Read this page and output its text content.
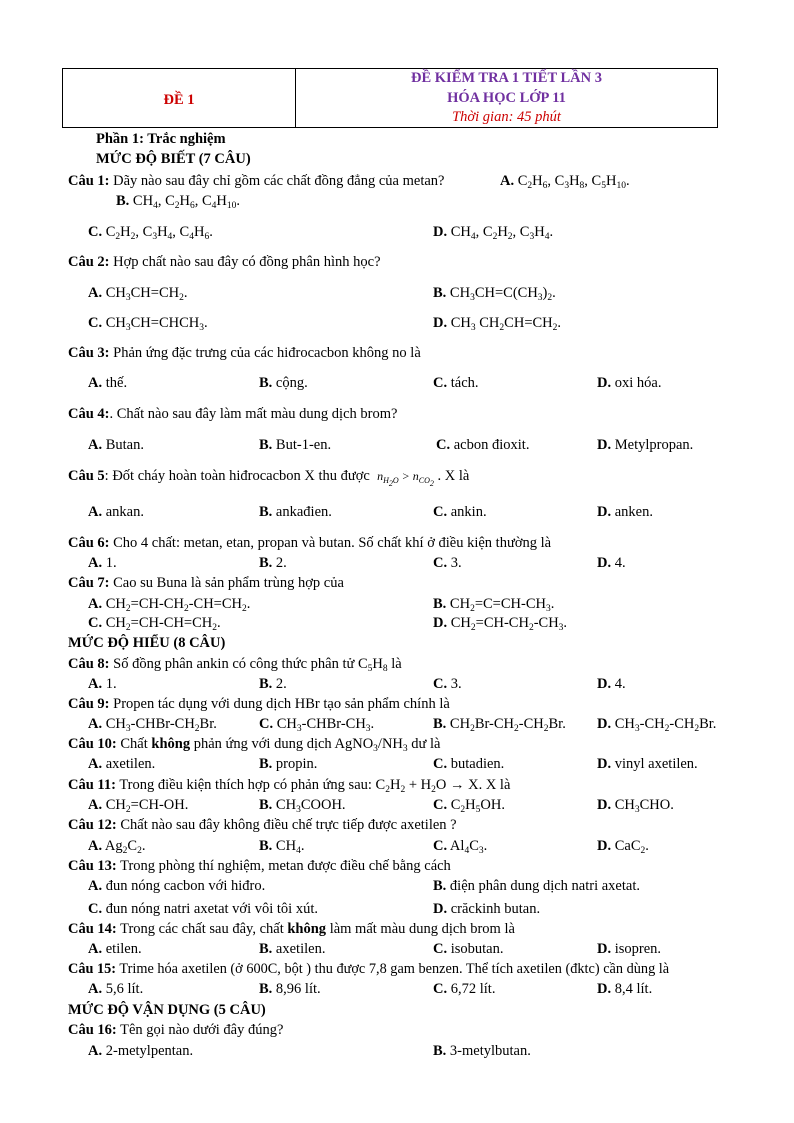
ĐỀ 1
ĐỀ KIỂM TRA 1 TIẾT LẦN 3
HÓA HỌC LỚP 11
Thời gian: 45 phút
Phần 1: Trắc nghiệm
MỨC ĐỘ BIẾT (7 CÂU)
Câu 1: Dãy nào sau đây chỉ gồm các chất đồng đẳng của metan?	A. $C_2H_6$, $C_3H_8$, $C_5H_{10}$.
B. $CH_4$, $C_2H_6$, $C_4H_{10}$.
C. $C_2H_2$, $C_3H_4$, $C_4H_6$.	D. $CH_4$, $C_2H_2$, $C_3H_4$.
Câu 2: Hợp chất nào sau đây có đồng phân hình học?
A. $CH_3CH=CH_2$.	B. $CH_3CH=C(CH_3)_2$.
C. $CH_3CH=CHCH_3$.	D. $CH_3$ $CH_2CH=CH_2$.
Câu 3: Phản ứng đặc trưng của các hiđrocacbon không no là
A. thế.	B. cộng.	C. tách.	D. oxi hóa.
Câu 4:. Chất nào sau đây làm mất màu dung dịch brom?
A. Butan.	B. But-1-en.	C. acbon đioxit.	D. Metylpropan.
Câu 5: Đốt cháy hoàn toàn hiđrocacbon X thu được $n_{H_2O} > n_{CO_2}$ . X là
A. ankan.	B. ankađien.	C. ankin.	D. anken.
Câu 6: Cho 4 chất: metan, etan, propan và butan. Số chất khí ở điều kiện thường là
A. 1.	B. 2.	C. 3.	D. 4.
Câu 7: Cao su Buna là sản phẩm trùng hợp của
A. $CH_2=CH-CH_2-CH=CH_2$.	B. $CH_2=C=CH-CH_3$.
C. $CH_2=CH-CH=CH_2$.	D. $CH_2=CH-CH_2-CH_3$.
MỨC ĐỘ HIỂU (8 CÂU)
Câu 8: Số đồng phân ankin có công thức phân tử $C_5H_8$ là
A. 1.	B. 2.	C. 3.	D. 4.
Câu 9: Propen tác dụng với dung dịch HBr tạo sản phẩm chính là
A. $CH_3-CHBr-CH_2Br$.	C. $CH_3-CHBr-CH_3$.	B. $CH_2Br-CH_2-CH_2Br$. D. $CH_3-CH_2-CH_2Br$.
Câu 10: Chất không phản ứng với dung dịch $AgNO_3/NH_3$ dư là
A. axetilen.	B. propin.	C. butadien.	D. vinyl axetilen.
Câu 11: Trong điều kiện thích hợp có phản ứng sau: $C_2H_2 + H_2O \to X$. X là
A. $CH_2=CH-OH$.	B. $CH_3COOH$.	C. $C_2H_5OH$.	D. $CH_3CHO$.
Câu 12: Chất nào sau đây không điều chế trực tiếp được axetilen ?
A. $Ag_2C_2$.	B. $CH_4$.	C. $Al_4C_3$.	D. CaC$_2$.
Câu 13: Trong phòng thí nghiệm, metan được điều chế bằng cách
A. đun nóng cacbon với hiđro.	B. điện phân dung dịch natri axetat.
C. đun nóng natri axetat với vôi tôi xút.	D. crăckinh butan.
Câu 14: Trong các chất sau đây, chất không làm mất màu dung dịch brom là
A. etilen.	B. axetilen.	C. isobutan.	D. isopren.
Câu 15: Trime hóa axetilen (ở 600C, bột ) thu được 7,8 gam benzen. Thể tích axetilen (đktc) cần dùng là
A. 5,6 lít.	B. 8,96 lít.	C. 6,72 lít.	D. 8,4 lít.
MỨC ĐỘ VẬN DỤNG (5 CÂU)
Câu 16: Tên gọi nào dưới đây đúng?
A. 2-metylpentan.	B. 3-metylbutan.
